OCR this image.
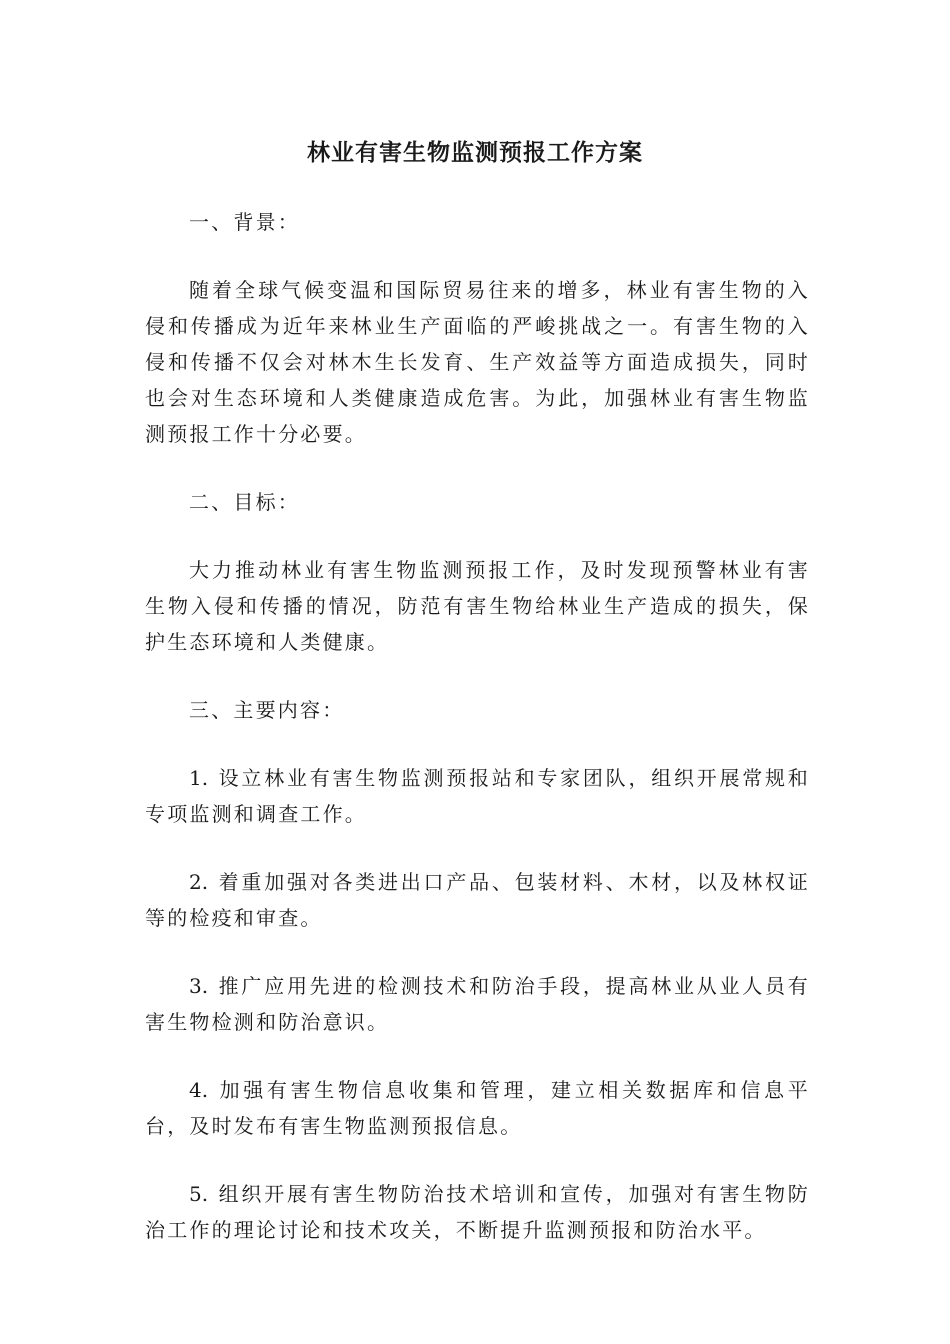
林业有害生物监测预报工作方案

一、背景：

随着全球气候变温和国际贸易往来的增多，林业有害生物的入侵和传播成为近年来林业生产面临的严峻挑战之一。有害生物的入侵和传播不仅会对林木生长发育、生产效益等方面造成损失，同时也会对生态环境和人类健康造成危害。为此，加强林业有害生物监测预报工作十分必要。

二、目标：

大力推动林业有害生物监测预报工作，及时发现预警林业有害生物入侵和传播的情况，防范有害生物给林业生产造成的损失，保护生态环境和人类健康。

三、主要内容：

1. 设立林业有害生物监测预报站和专家团队，组织开展常规和专项监测和调查工作。

2. 着重加强对各类进出口产品、包装材料、木材，以及林权证等的检疫和审查。

3. 推广应用先进的检测技术和防治手段，提高林业从业人员有害生物检测和防治意识。

4. 加强有害生物信息收集和管理，建立相关数据库和信息平台，及时发布有害生物监测预报信息。

5. 组织开展有害生物防治技术培训和宣传，加强对有害生物防治工作的理论讨论和技术攻关，不断提升监测预报和防治水平。
